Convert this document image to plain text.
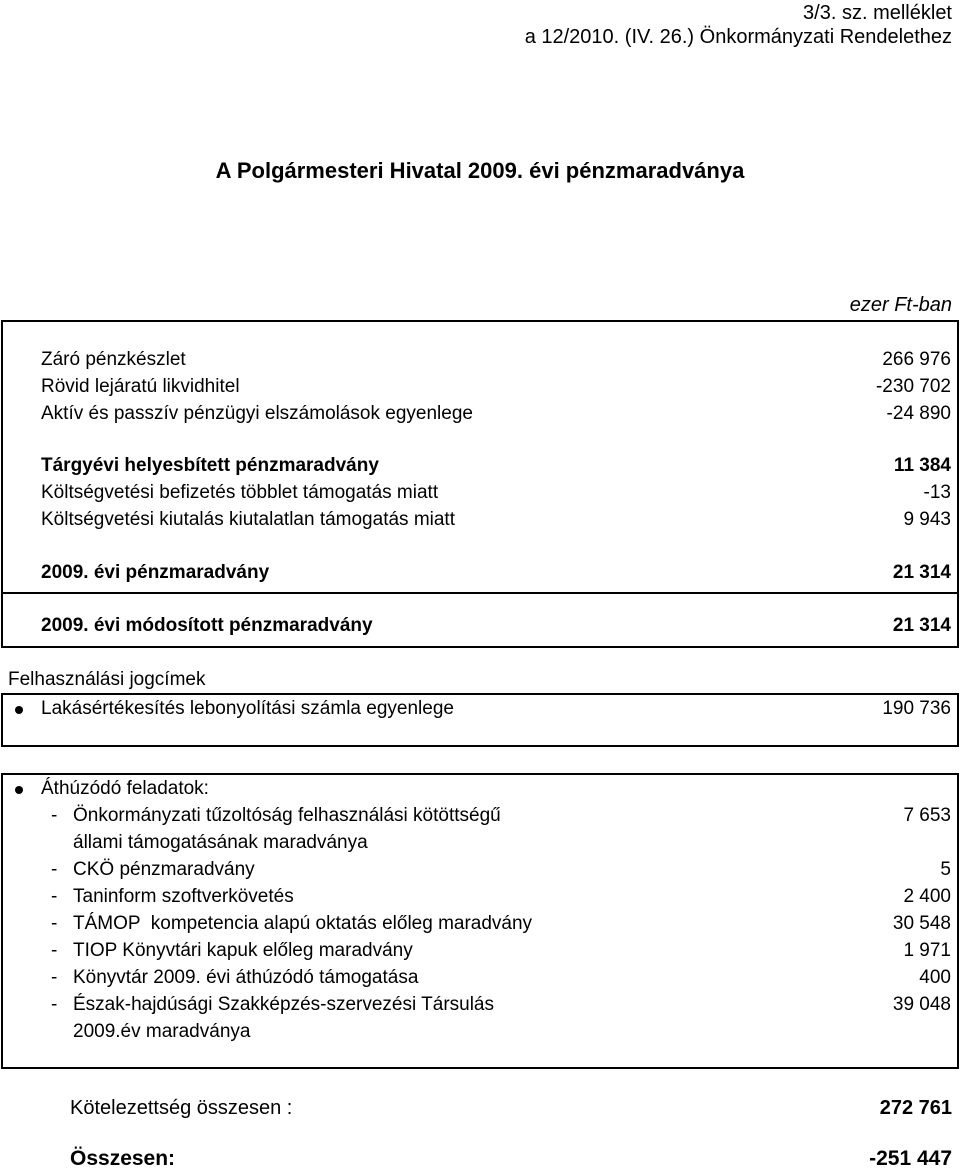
3/3. sz. melléklet
a 12/2010. (IV. 26.) Önkormányzati Rendelethez
A Polgármesteri Hivatal 2009. évi pénzmaradványa
ezer Ft-ban
Záró pénzkészlet	266 976
Rövid lejáratú likvidhitel	-230 702
Aktív és passzív pénzügyi elszámolások egyenlege	-24 890
Tárgyévi helyesbített pénzmaradvány	11 384
Költségvetési befizetés többlet támogatás miatt	-13
Költségvetési kiutalás kiutalatlan támogatás miatt	9 943
2009. évi pénzmaradvány	21 314
2009. évi módosított pénzmaradvány	21 314
Felhasználási jogcímek
Lakásértékesítés lebonyolítási számla egyenlege	190 736
Áthúzódó feladatok:
- Önkormányzati tűzoltóság felhasználási kötöttségű	7 653
állami támogatásának maradványa
- CKÖ pénzmaradvány	5
- Taninform szoftverkövetés	2 400
- TÁMOP  kompetencia alapú oktatás előleg maradvány	30 548
- TIOP Könyvtári kapuk előleg maradvány	1 971
- Könyvtár 2009. évi áthúzódó támogatása	400
- Észak-hajdúsági Szakképzés-szervezési Társulás	39 048
2009.év maradványa
Kötelezettség összesen :	272 761
Összesen:	-251 447
